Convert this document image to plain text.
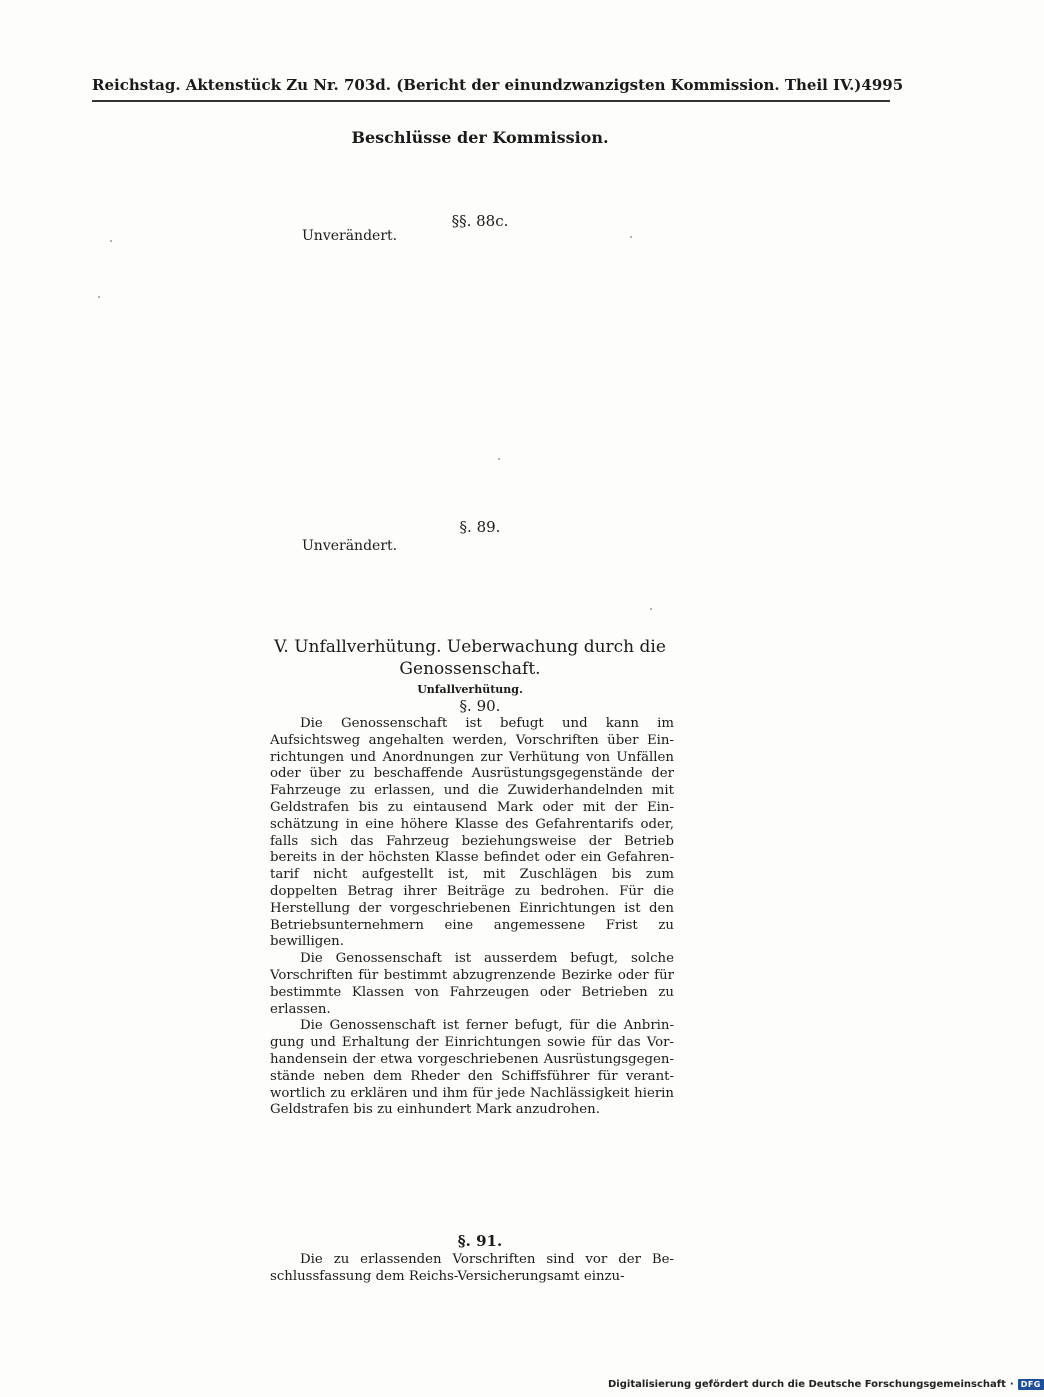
Reichstag. Aktenstück Zu Nr. 703d. (Bericht der einundzwanzigsten Kommission. Theil IV.) 4995
Beschlüsse der Kommission.
§§. 88c.
Unverändert.
§. 89.
Unverändert.
V. Unfallverhütung. Ueberwachung durch die
Genossenschaft.
Unfallverhütung.
§. 90.

Die Genossenschaft ist befugt und kann im Aufsichtsweg angehalten werden, Vorschriften über Einrichtungen und Anordnungen zur Verhütung von Unfällen oder über zu beschaffende Ausrüstungsgegenstände der Fahrzeuge zu erlassen, und die Zuwiderhandelnden mit Geldstrafen bis zu eintausend Mark oder mit der Einschätzung in eine höhere Klasse des Gefahrentarifs oder, falls sich das Fahrzeug beziehungsweise der Betrieb bereits in der höchsten Klasse befindet oder ein Gefahrentarif nicht aufgestellt ist, mit Zuschlägen bis zum doppelten Betrag ihrer Beiträge zu bedrohen. Für die Herstellung der vorgeschriebenen Einrichtungen ist den Betriebsunternehmern eine angemessene Frist zu bewilligen.

Die Genossenschaft ist ausserdem befugt, solche Vorschriften für bestimmt abzugrenzende Bezirke oder für bestimmte Klassen von Fahrzeugen oder Betrieben zu erlassen.

Die Genossenschaft ist ferner befugt, für die Anbringung und Erhaltung der Einrichtungen sowie für das Vorhandensein der etwa vorgeschriebenen Ausrüstungsgegenstände neben dem Rheder den Schiffsführer für verantwortlich zu erklären und ihm für jede Nachlässigkeit hierin Geldstrafen bis zu einhundert Mark anzudrohen.

§. 91.

Die zu erlassenden Vorschriften sind vor der Beschlussfassung dem Reichs-Versicherungsamt einzu-

Digitalisierung gefördert durch die Deutsche Forschungsgemeinschaft · DFG
